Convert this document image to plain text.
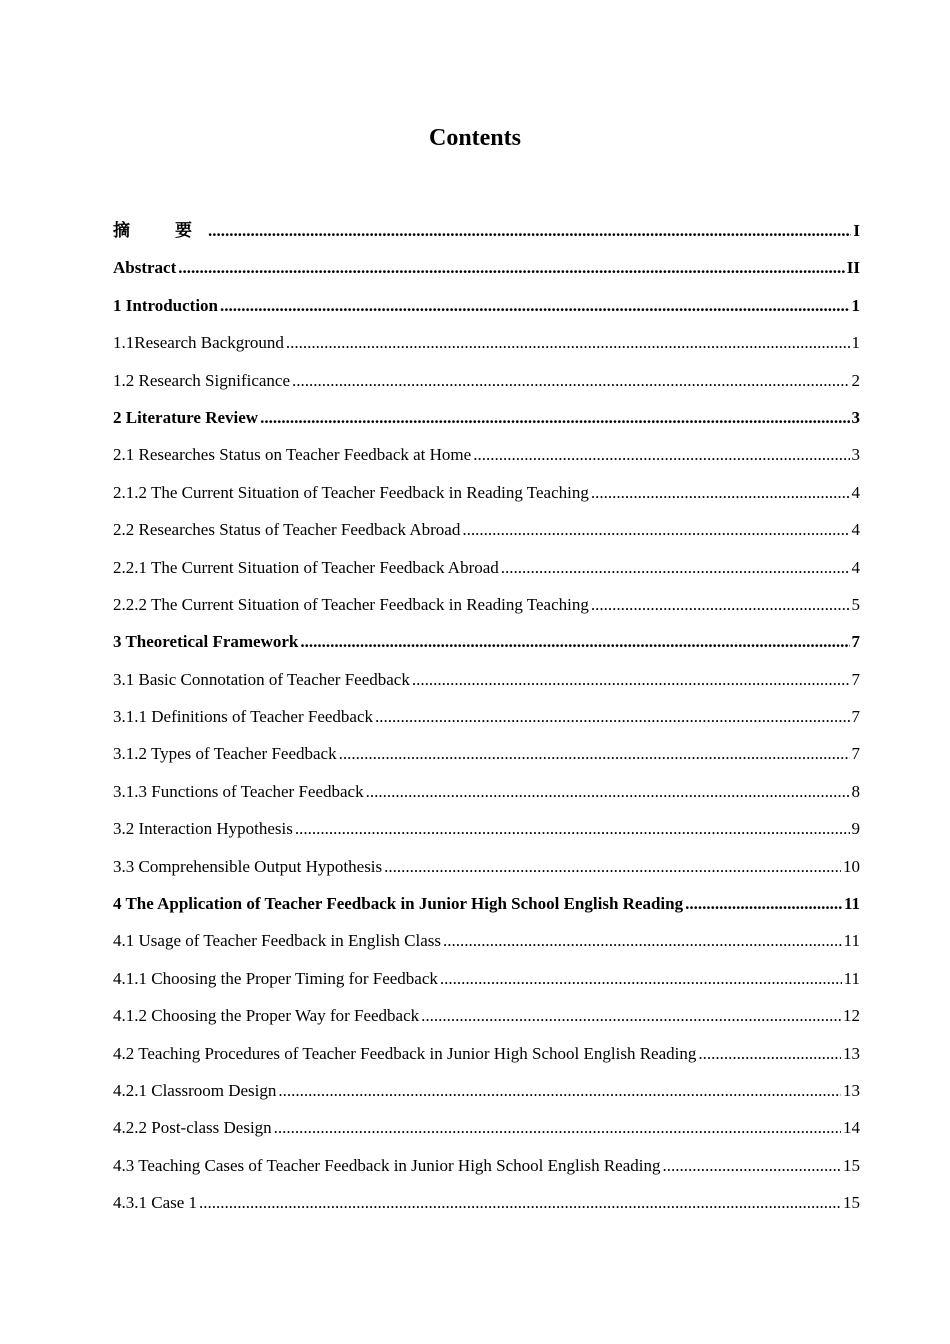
Contents
摘　要 .....	I
Abstract .....	II
1 Introduction .....	1
1.1Research Background .....	1
1.2 Research Significance .....	2
2 Literature Review .....	3
2.1 Researches Status on Teacher Feedback at Home .....	3
2.1.2 The Current Situation of Teacher Feedback in Reading Teaching .....	4
2.2 Researches Status of Teacher Feedback Abroad .....	4
2.2.1 The Current Situation of Teacher Feedback Abroad .....	4
2.2.2 The Current Situation of Teacher Feedback in Reading Teaching .....	5
3 Theoretical Framework .....	7
3.1 Basic Connotation of Teacher Feedback .....	7
3.1.1 Definitions of Teacher Feedback .....	7
3.1.2 Types of Teacher Feedback .....	7
3.1.3 Functions of Teacher Feedback .....	8
3.2 Interaction Hypothesis .....	9
3.3 Comprehensible Output Hypothesis .....	10
4 The Application of Teacher Feedback in Junior High School English Reading .....	11
4.1 Usage of Teacher Feedback in English Class .....	11
4.1.1 Choosing the Proper Timing for Feedback .....	11
4.1.2 Choosing the Proper Way for Feedback .....	12
4.2 Teaching Procedures of Teacher Feedback in Junior High School English Reading .....	13
4.2.1 Classroom Design .....	13
4.2.2 Post-class Design .....	14
4.3 Teaching Cases of Teacher Feedback in Junior High School English Reading .....	15
4.3.1 Case 1 .....	15
